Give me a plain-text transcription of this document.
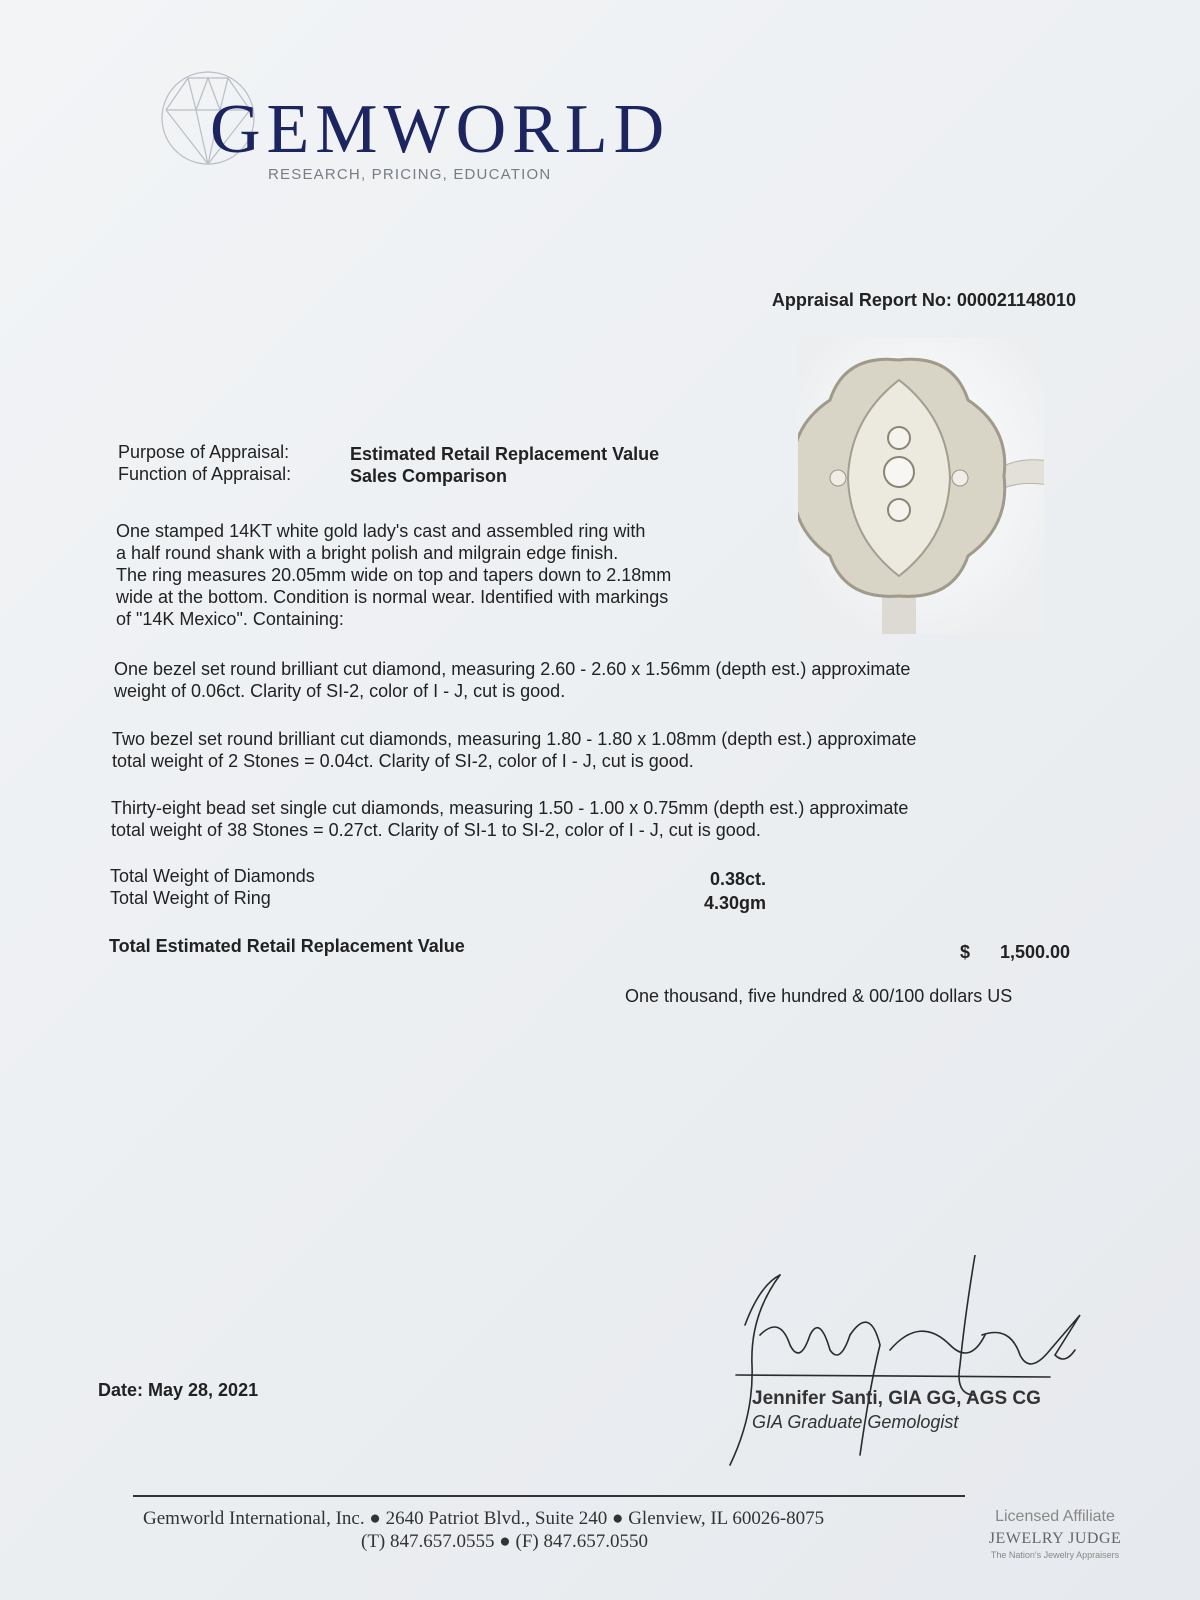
GEMWORLD
RESEARCH, PRICING, EDUCATION
Appraisal Report No: 000021148010
Purpose of Appraisal:	Estimated Retail Replacement Value
Function of Appraisal:	Sales Comparison
One stamped 14KT white gold lady's cast and assembled ring with
a half round shank with a bright polish and milgrain edge finish.
The ring measures 20.05mm wide on top and tapers down to 2.18mm
wide at the bottom. Condition is normal wear. Identified with markings
of "14K Mexico". Containing:
One bezel set round brilliant cut diamond, measuring 2.60 - 2.60 x 1.56mm (depth est.) approximate
weight of 0.06ct. Clarity of SI-2, color of I - J, cut is good.
Two bezel set round brilliant cut diamonds, measuring 1.80 - 1.80 x 1.08mm (depth est.) approximate
total weight of 2 Stones = 0.04ct. Clarity of SI-2, color of I - J, cut is good.
Thirty-eight bead set single cut diamonds, measuring 1.50 - 1.00 x 0.75mm (depth est.) approximate
total weight of 38 Stones = 0.27ct. Clarity of SI-1 to SI-2, color of I - J, cut is good.
Total Weight of Diamonds	0.38ct.
Total Weight of Ring	4.30gm
Total Estimated Retail Replacement Value	$ 1,500.00
One thousand, five hundred & 00/100 dollars US
Date: May 28, 2021	Jennifer Santi, GIA GG, AGS CG
GIA Graduate Gemologist
Gemworld International, Inc. ● 2640 Patriot Blvd., Suite 240 ● Glenview, IL 60026-8075
(T) 847.657.0555 ● (F) 847.657.0550
Licensed Affiliate
JEWELRY JUDGE
The Nation's Jewelry Appraisers
